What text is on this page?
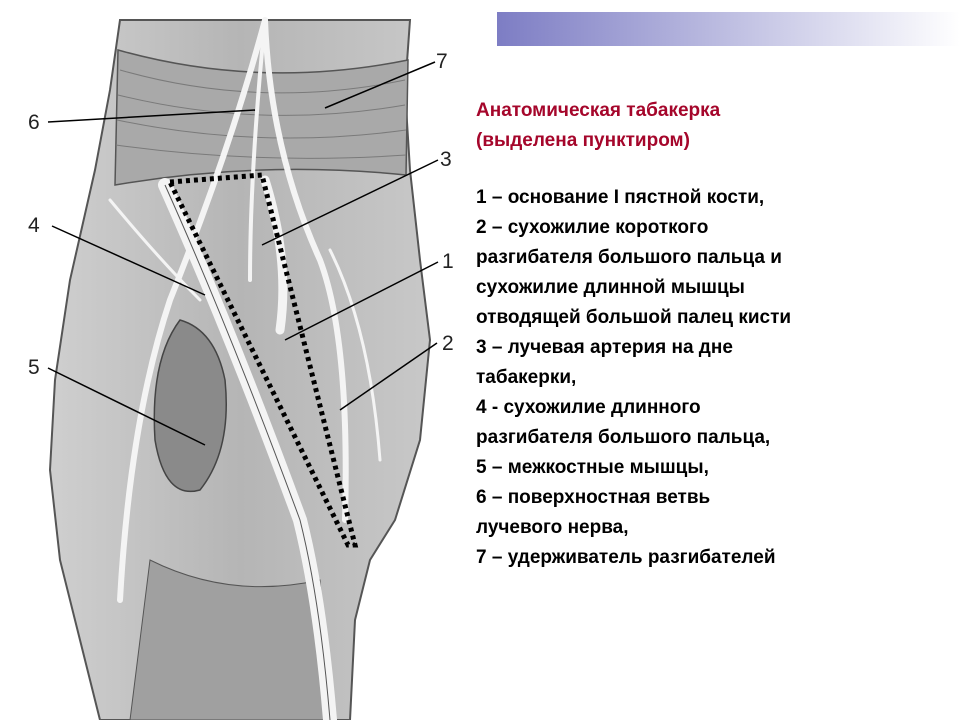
7
6
3
4
1
2
5
Анатомическая табакерка
(выделена пунктиром)
1 – основание I пястной кости,
2 – сухожилие короткого
разгибателя большого пальца и
сухожилие длинной мышцы
отводящей большой палец кисти
3 – лучевая артерия на дне
табакерки,
4 - сухожилие длинного
разгибателя большого пальца,
5 – межкостные мышцы,
6 – поверхностная ветвь
лучевого нерва,
7 – удерживатель разгибателей
